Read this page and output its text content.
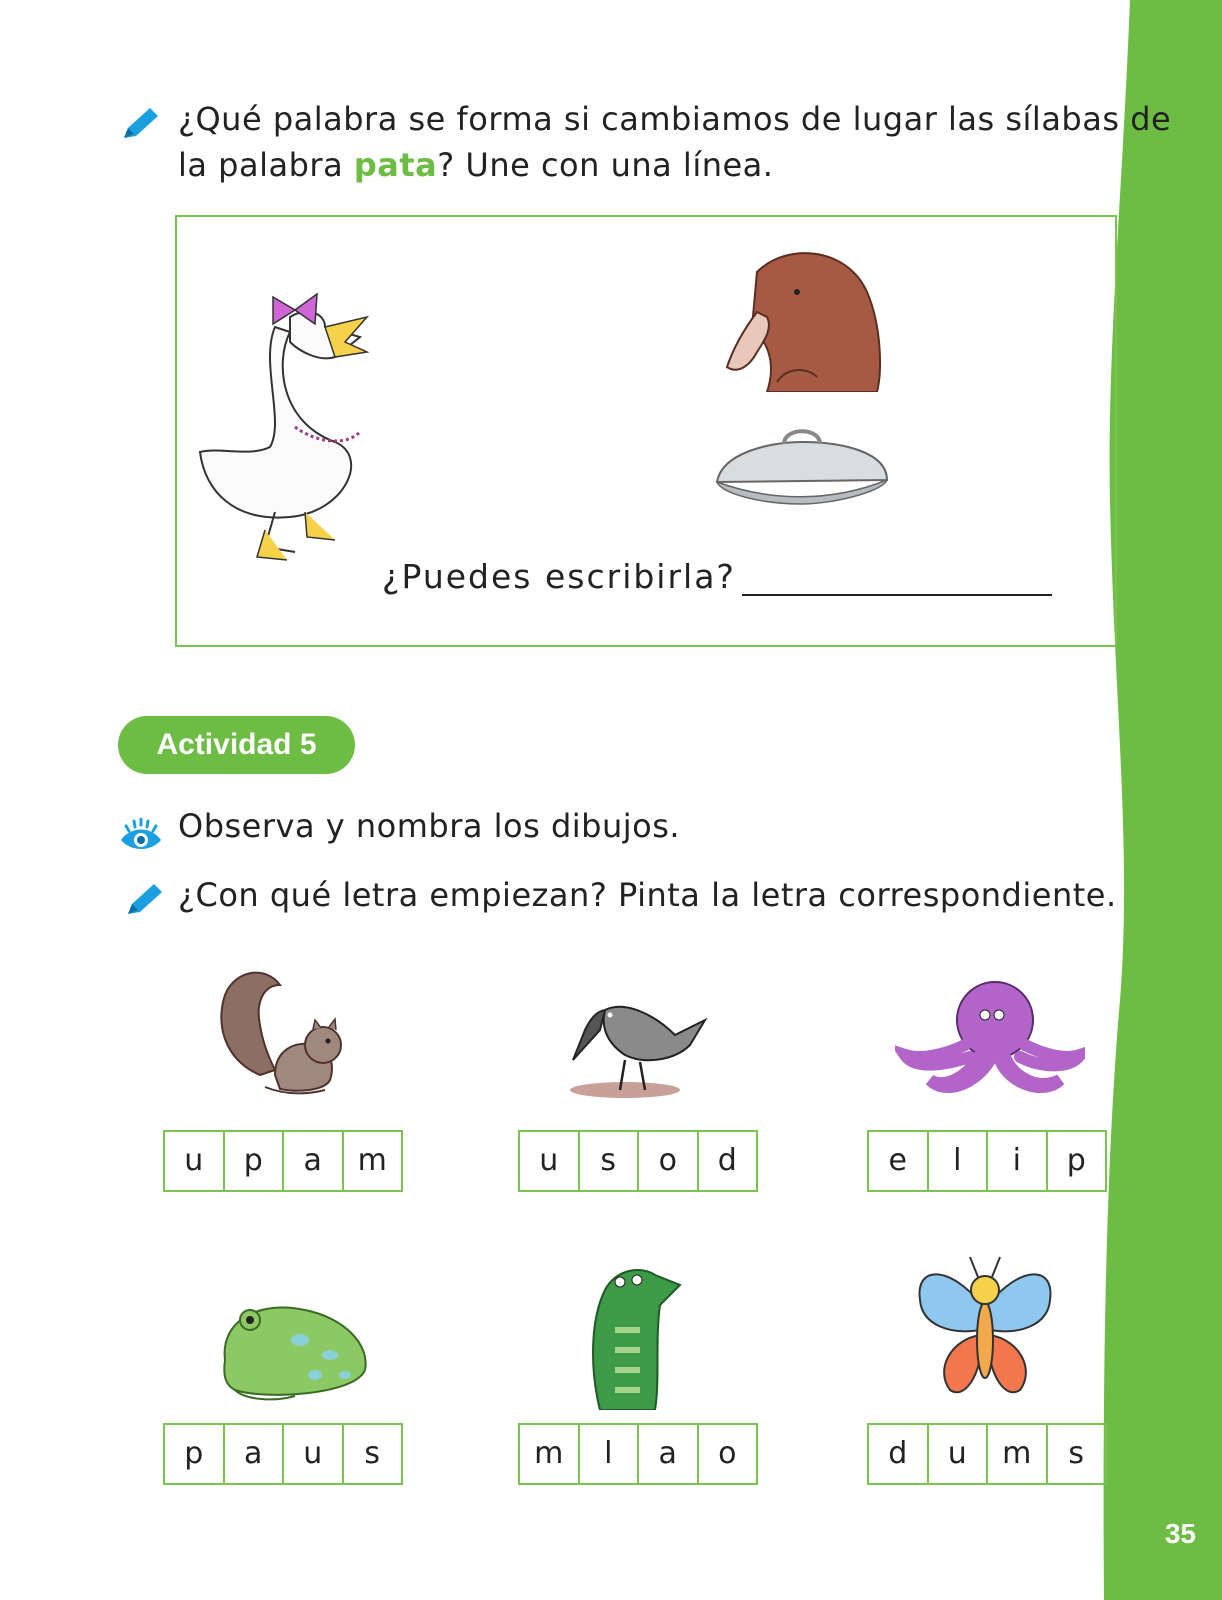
35
¿Qué palabra se forma si cambiamos de lugar las sílabas de
la palabra pata? Une con una línea.
¿Puedes escribirla?
Actividad 5
Observa y nombra los dibujos.
¿Con qué letra empiezan? Pinta la letra correspondiente.
u	p	a	m	u	s	o	d	e	l	i	p
p	a	u	s	m	l	a	o	d	u	m	s
